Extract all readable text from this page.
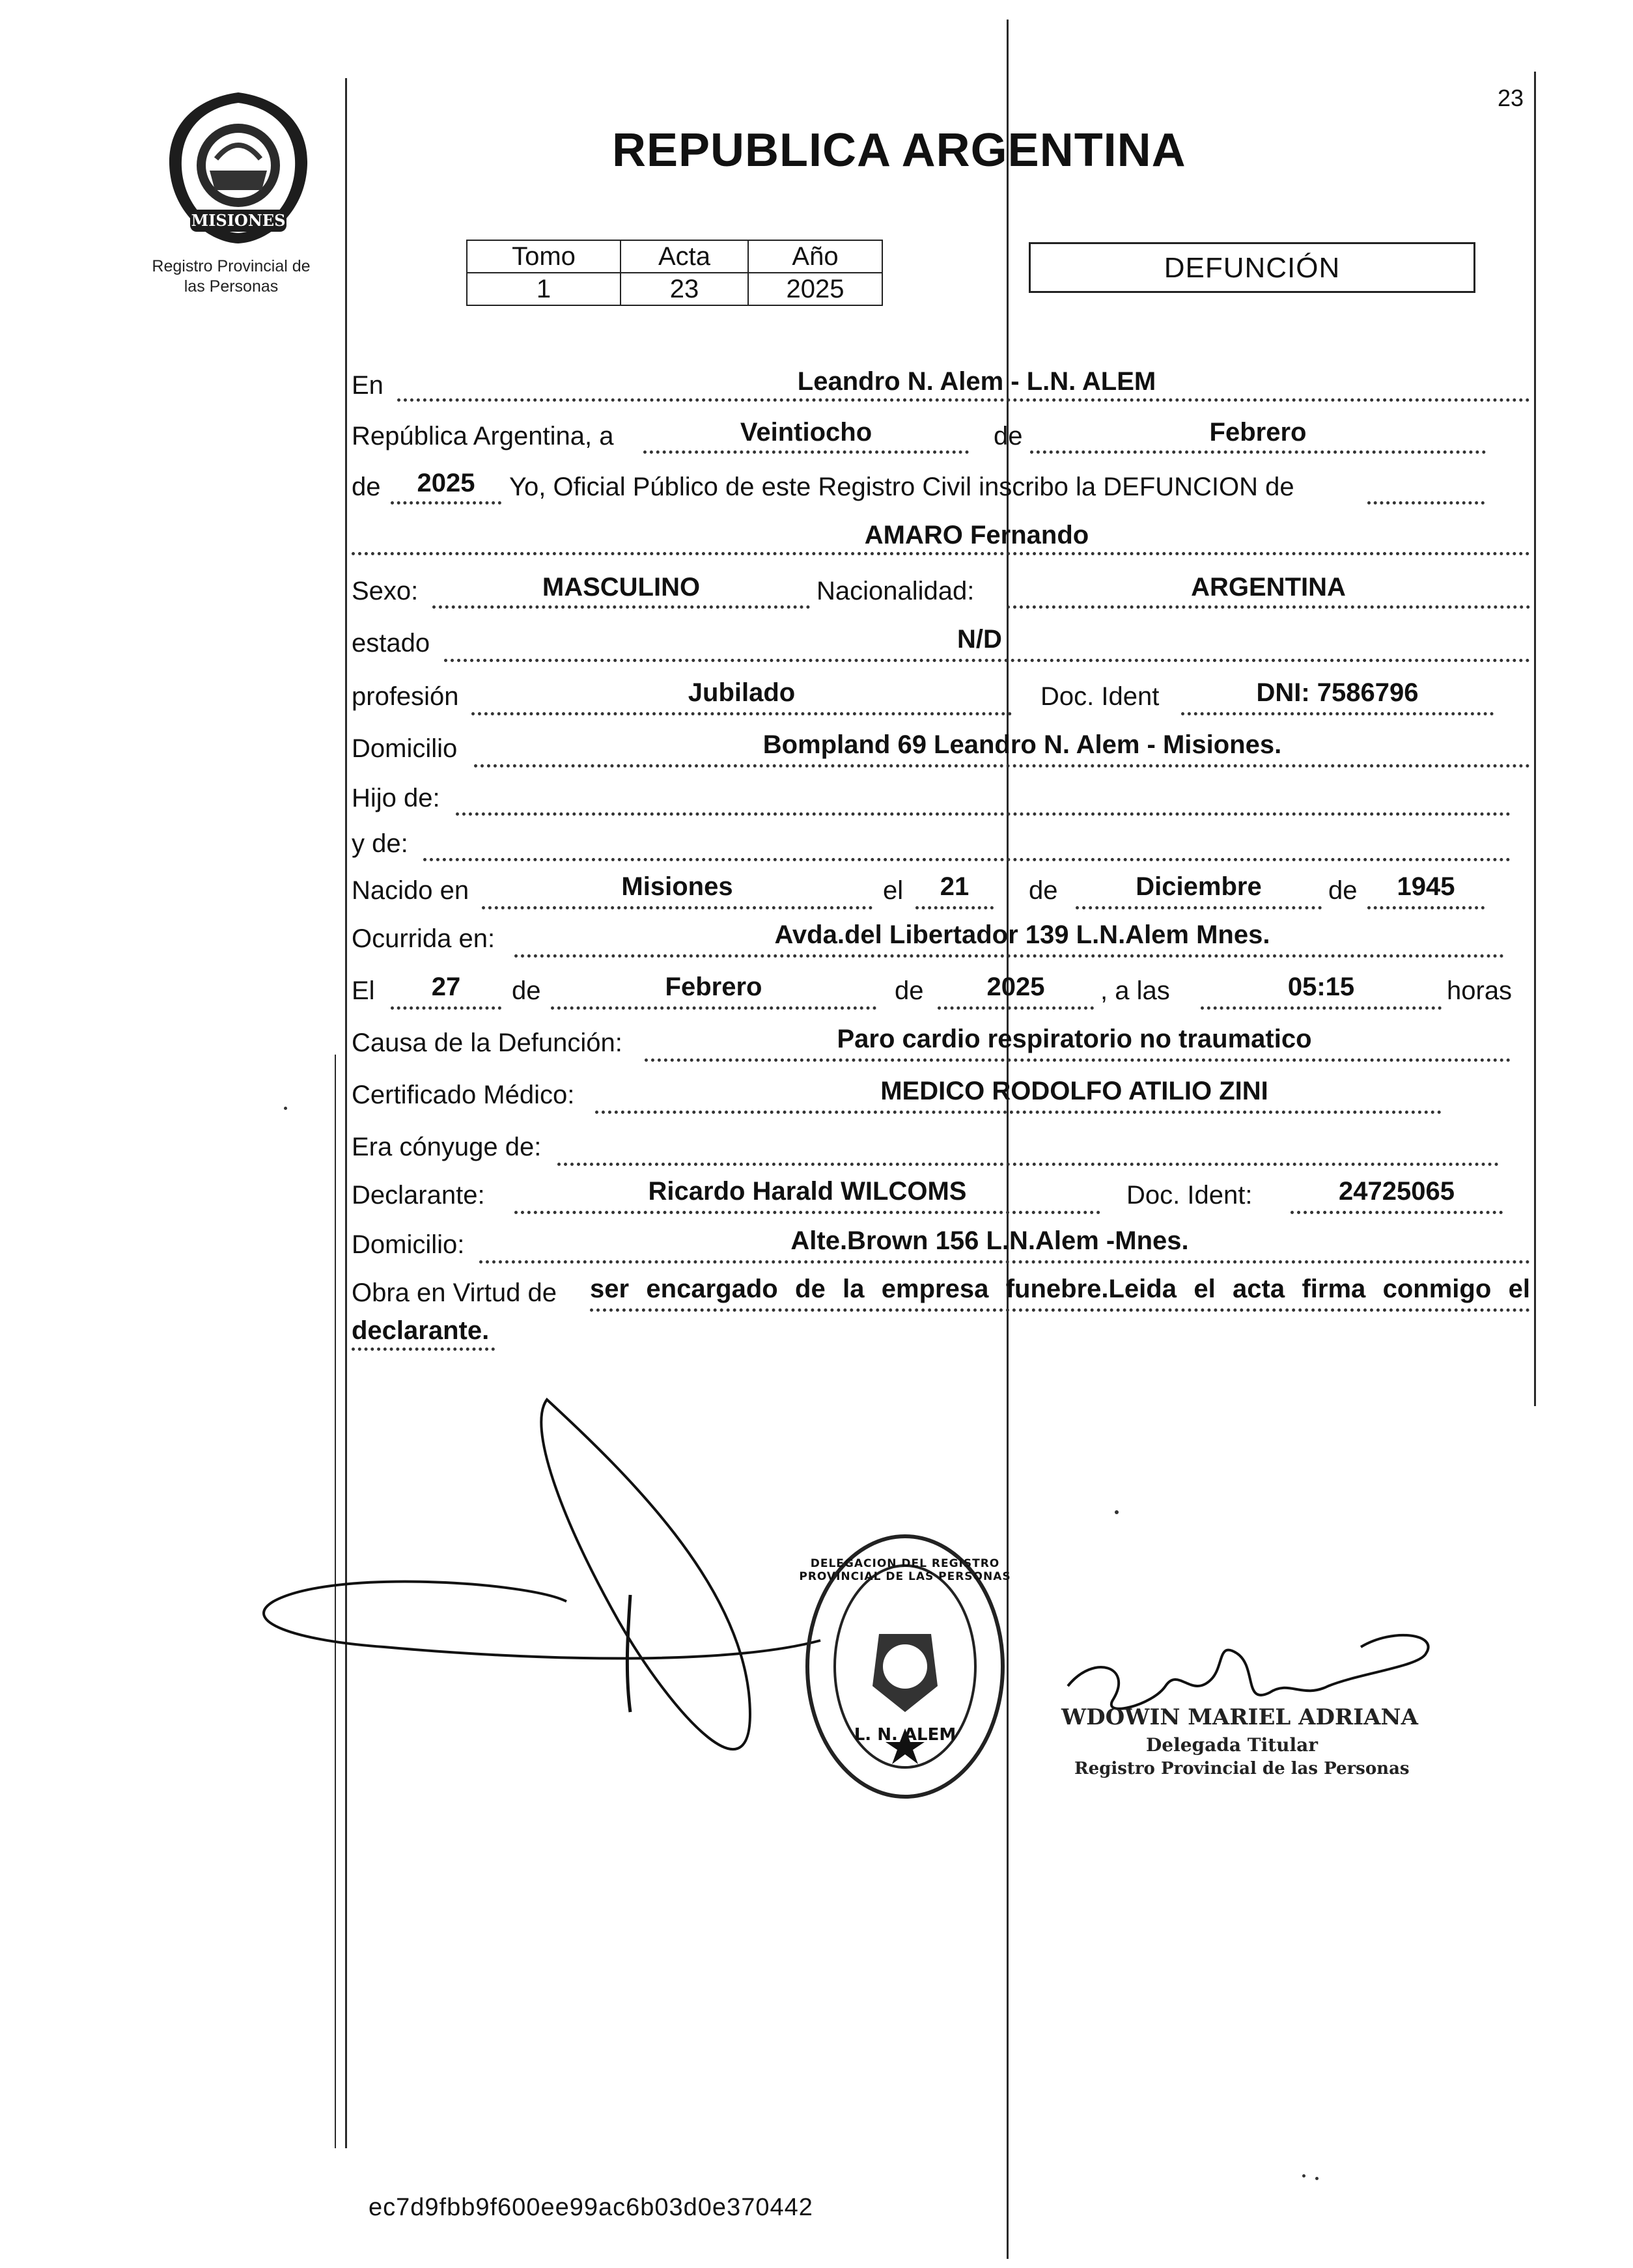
MISIONES
Registro Provincial de
las Personas
REPUBLICA ARGENTINA
23
Tomo	Acta	Año
1	23	2025
DEFUNCIÓN
En	Leandro N. Alem - L.N. ALEM
República Argentina, a	Veintiocho	de	Febrero
de	2025	Yo, Oficial Público de este Registro Civil inscribo la DEFUNCION de
AMARO Fernando
Sexo:	MASCULINO	Nacionalidad:	ARGENTINA
estado	N/D
profesión	Jubilado	Doc. Ident	DNI: 7586796
Domicilio	Bompland 69 Leandro N. Alem - Misiones.
Hijo de:
y de:
Nacido en	Misiones	el	21	de	Diciembre	de	1945
Ocurrida en:	Avda.del Libertador 139 L.N.Alem Mnes.
El	27	de	Febrero	de	2025	, a las	05:15	horas
Causa de la Defunción:	Paro cardio respiratorio no traumatico
Certificado Médico:	MEDICO RODOLFO ATILIO ZINI
Era cónyuge de:
Declarante:	Ricardo Harald WILCOMS	Doc. Ident:	24725065
Domicilio:	Alte.Brown 156 L.N.Alem -Mnes.
Obra en Virtud de ser encargado de la empresa funebre.Leida el acta firma conmigo el
declarante.
DELEGACION DEL REGISTRO PROVINCIAL DE LAS PERSONAS
L. N. ALEM
WDOWIN MARIEL ADRIANA
Delegada Titular
Registro Provincial de las Personas
ec7d9fbb9f600ee99ac6b03d0e370442
